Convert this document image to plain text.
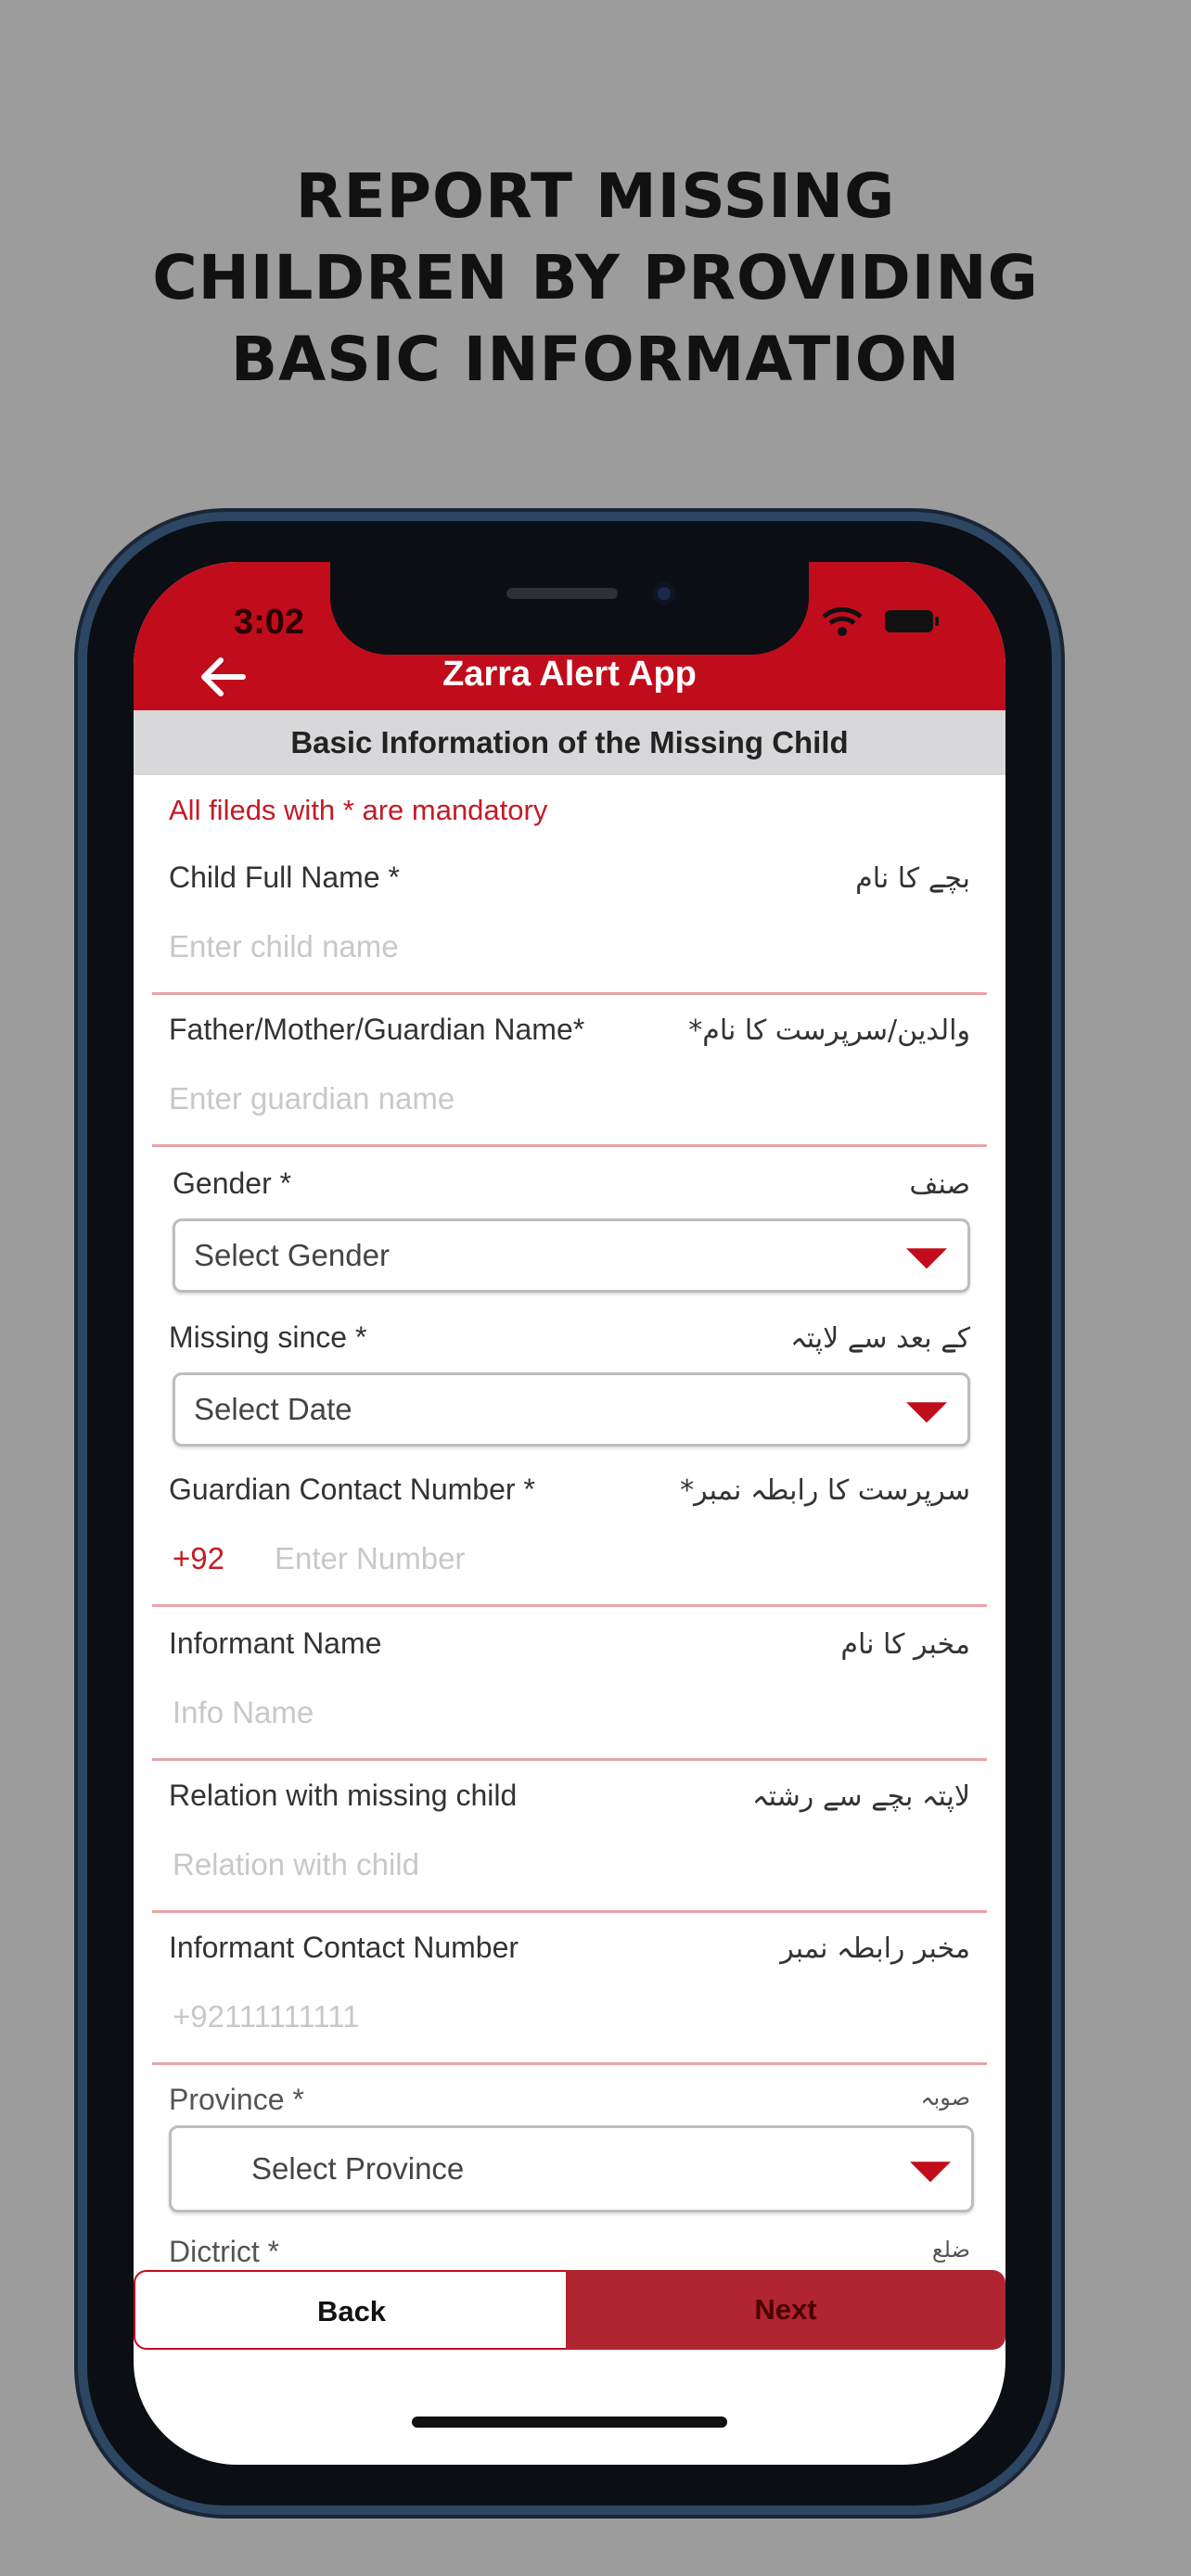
REPORT MISSING
CHILDREN BY PROVIDING
BASIC INFORMATION
3:02
Zarra Alert App
Basic Information of the Missing Child
All fileds with * are mandatory
Child Full Name *	بچے کا نام
Enter child name
Father/Mother/Guardian Name*	والدین/سرپرست کا نام*
Enter guardian name
Gender *	صنف
Select Gender
Missing since *	کے بعد سے لاپتہ
Select Date
Guardian Contact Number *	سرپرست کا رابطہ نمبر*
+92 Enter Number
Informant Name	مخبر کا نام
Info Name
Relation with missing child	لاپتہ بچے سے رشتہ
Relation with child
Informant Contact Number	مخبر رابطہ نمبر
+92111111111
Province *	صوبہ
Select Province
Dictrict *	ضلع
Back	Next
